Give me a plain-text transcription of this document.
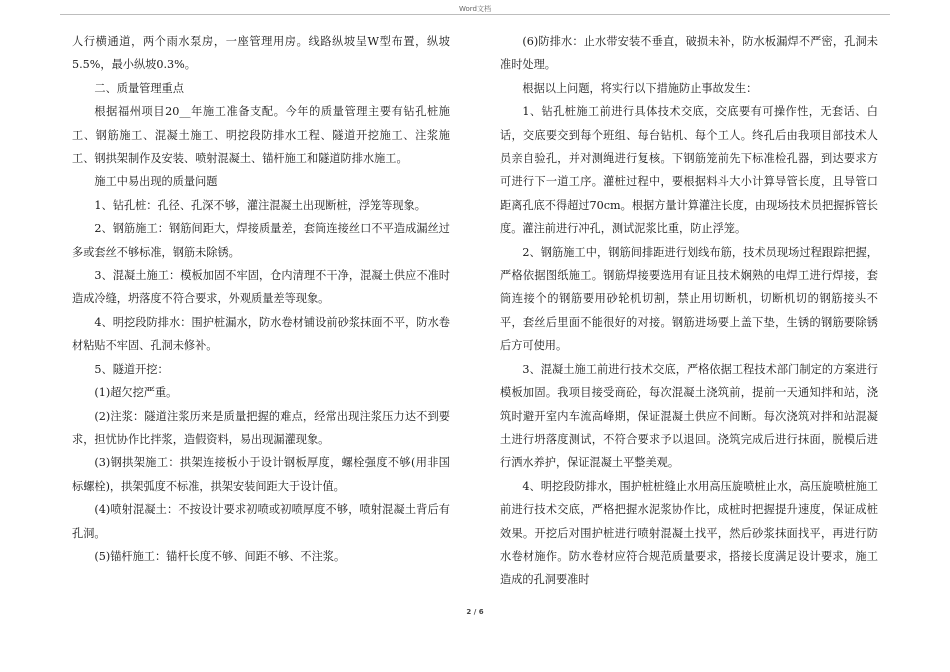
Word文档

人行横通道，两个雨水泵房，一座管理用房。线路纵坡呈W型布置，纵坡5.5%，最小纵坡0.3%。

二、质量管理重点

根据福州项目20__年施工准备支配。今年的质量管理主要有钻孔桩施工、钢筋施工、混凝土施工、明挖段防排水工程、隧道开挖施工、注浆施工、钢拱架制作及安装、喷射混凝土、锚杆施工和隧道防排水施工。

施工中易出现的质量问题

1、钻孔桩：孔径、孔深不够，灌注混凝土出现断桩，浮笼等现象。

2、钢筋施工：钢筋间距大，焊接质量差，套筒连接丝口不平造成漏丝过多或套丝不够标准，钢筋未除锈。

3、混凝土施工：模板加固不牢固，仓内清理不干净，混凝土供应不准时造成冷缝，坍落度不符合要求，外观质量差等现象。

4、明挖段防排水：围护桩漏水，防水卷材铺设前砂浆抹面不平，防水卷材粘贴不牢固、孔洞未修补。

5、隧道开挖：

(1)超欠挖严重。

(2)注浆：隧道注浆历来是质量把握的难点，经常出现注浆压力达不到要求，担忧协作比拌浆，造假资料，易出现漏灌现象。

(3)钢拱架施工：拱架连接板小于设计钢板厚度，螺栓强度不够(用非国标螺栓)，拱架弧度不标准，拱架安装间距大于设计值。

(4)喷射混凝土：不按设计要求初喷或初喷厚度不够，喷射混凝土背后有孔洞。

(5)锚杆施工：锚杆长度不够、间距不够、不注浆。

(6)防排水：止水带安装不垂直，破损未补，防水板漏焊不严密，孔洞未准时处理。

根据以上问题，将实行以下措施防止事故发生：

1、钻孔桩施工前进行具体技术交底，交底要有可操作性，无套话、白话，交底要交到每个班组、每台钻机、每个工人。终孔后由我项目部技术人员亲自验孔，并对测绳进行复核。下钢筋笼前先下标准检孔器，到达要求方可进行下一道工序。灌桩过程中，要根据料斗大小计算导管长度，且导管口距离孔底不得超过70cm。根据方量计算灌注长度，由现场技术员把握拆管长度。灌注前进行冲孔，测试泥浆比重，防止浮笼。

2、钢筋施工中，钢筋间排距进行划线布筋，技术员现场过程跟踪把握，严格依据图纸施工。钢筋焊接要选用有证且技术娴熟的电焊工进行焊接，套筒连接个的钢筋要用砂轮机切割，禁止用切断机，切断机切的钢筋接头不平，套丝后里面不能很好的对接。钢筋进场要上盖下垫，生锈的钢筋要除锈后方可使用。

3、混凝土施工前进行技术交底，严格依据工程技术部门制定的方案进行模板加固。我项目接受商砼，每次混凝土浇筑前，提前一天通知拌和站，浇筑时避开室内车流高峰期，保证混凝土供应不间断。每次浇筑对拌和站混凝土进行坍落度测试，不符合要求予以退回。浇筑完成后进行抹面，脱模后进行洒水养护，保证混凝土平整美观。

4、明挖段防排水，围护桩桩缝止水用高压旋喷桩止水，高压旋喷桩施工前进行技术交底，严格把握水泥浆协作比，成桩时把握提升速度，保证成桩效果。开挖后对围护桩进行喷射混凝土找平，然后砂浆抹面找平，再进行防水卷材施作。防水卷材应符合规范质量要求，搭接长度满足设计要求，施工造成的孔洞要准时

2 / 6
